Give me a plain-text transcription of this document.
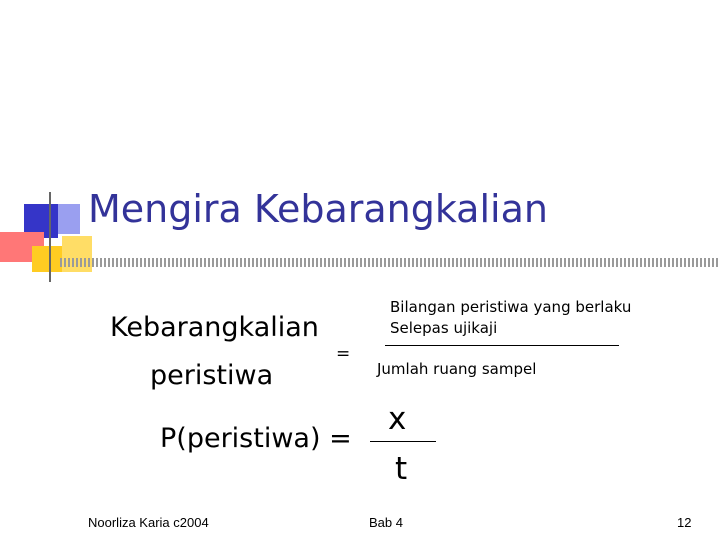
Mengira Kebarangkalian
Kebarangkalian
peristiwa
=
Bilangan peristiwa yang berlaku
Selepas ujikaji
Jumlah ruang sampel
P(peristiwa) =
x
t
Noorliza Karia c2004	Bab 4	12
